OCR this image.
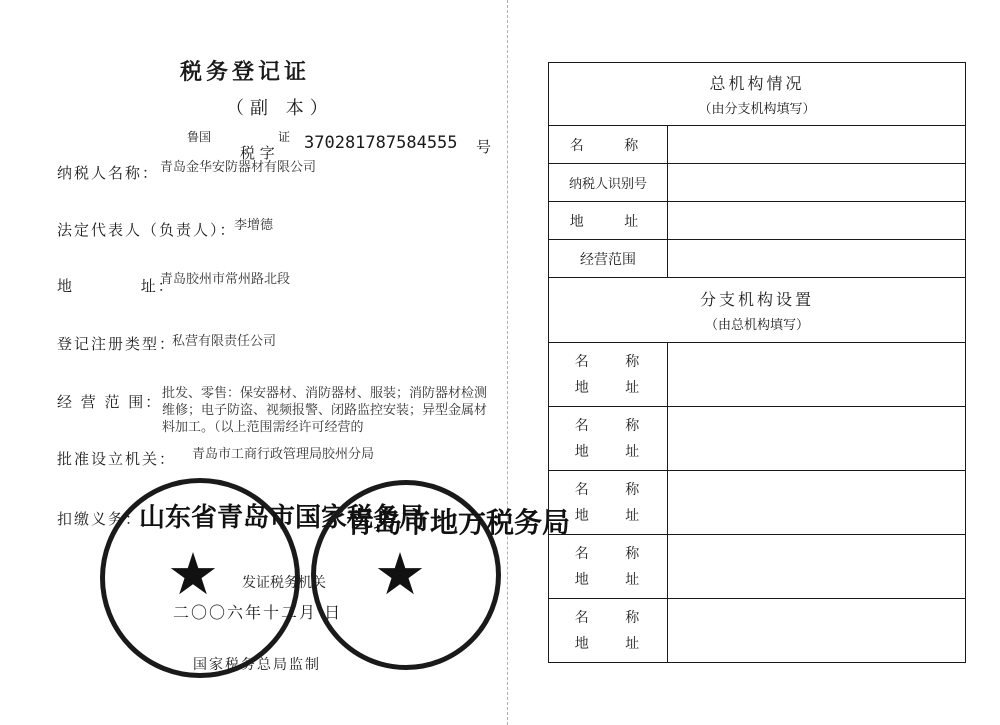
税务登记证
（副 本）
鲁国
税 字
证 370281787584555 号
纳税人名称： 青岛金华安防器材有限公司
法定代表人（负责人）：
李增德
地 址：
青岛胶州市常州路北段
登记注册类型：
私营有限责任公司
经 营 范 围： 批发、零售：保安器材、消防器材、服装；消防器材检测维修；电子防盗、视频报警、闭路监控安装；异型金属材料加工。（以上范围需经许可经营的
批准设立机关： 青岛市工商行政管理局胶州分局
扣缴义务：
山东省青岛市国家税务局
★
青岛市地方税务局
★
发证税务机关
二〇〇六年十二月 日
国家税务总局监制
总机构情况
（由分支机构填写）	

名 称	
纳税人识别号	
地 址	
经营范围	

分支机构设置
（由总机构填写）	

名 称
地 址	

名 称
地 址	

名 称
地 址	

名 称
地 址	

名 称
地 址	
